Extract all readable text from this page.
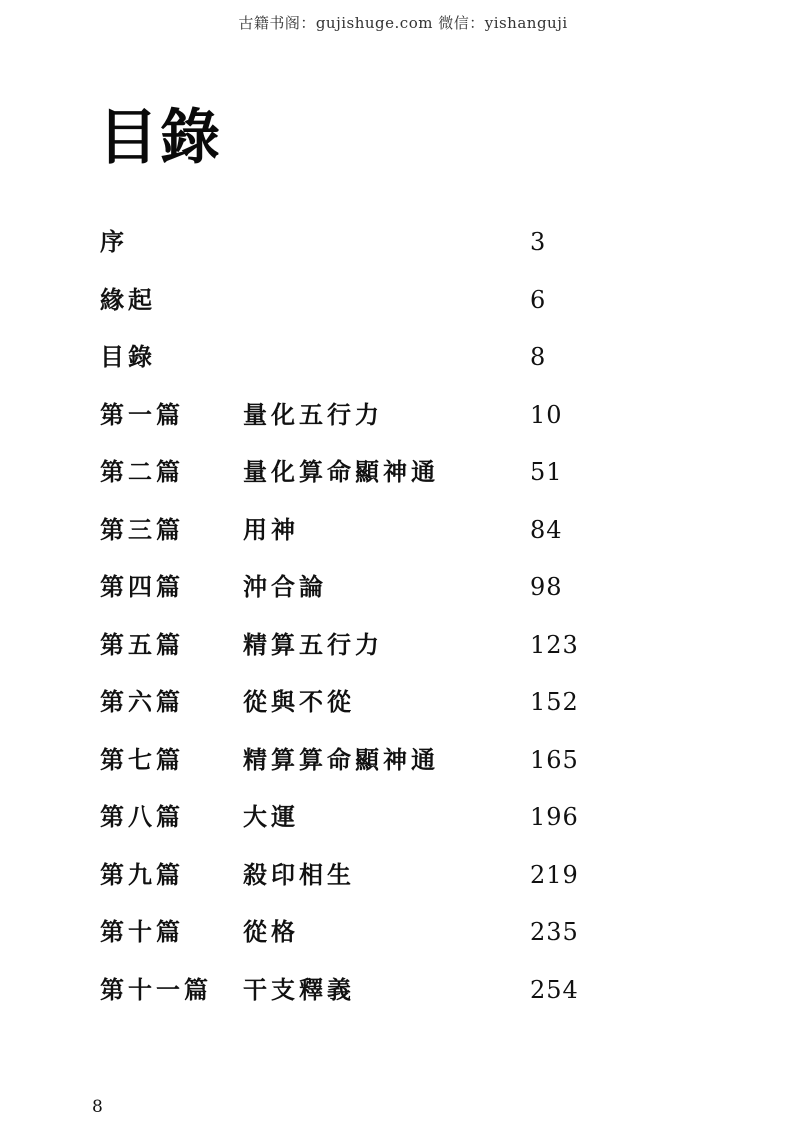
古籍书阁：gujishuge.com 微信：yishanguji
目錄
序	3
緣起	6
目錄	8
第一篇 量化五行力	10
第二篇 量化算命顯神通	51
第三篇 用神	84
第四篇 沖合論	98
第五篇 精算五行力	123
第六篇 從與不從	152
第七篇 精算算命顯神通	165
第八篇 大運	196
第九篇 殺印相生	219
第十篇 從格	235
第十一篇 干支釋義	254
8
